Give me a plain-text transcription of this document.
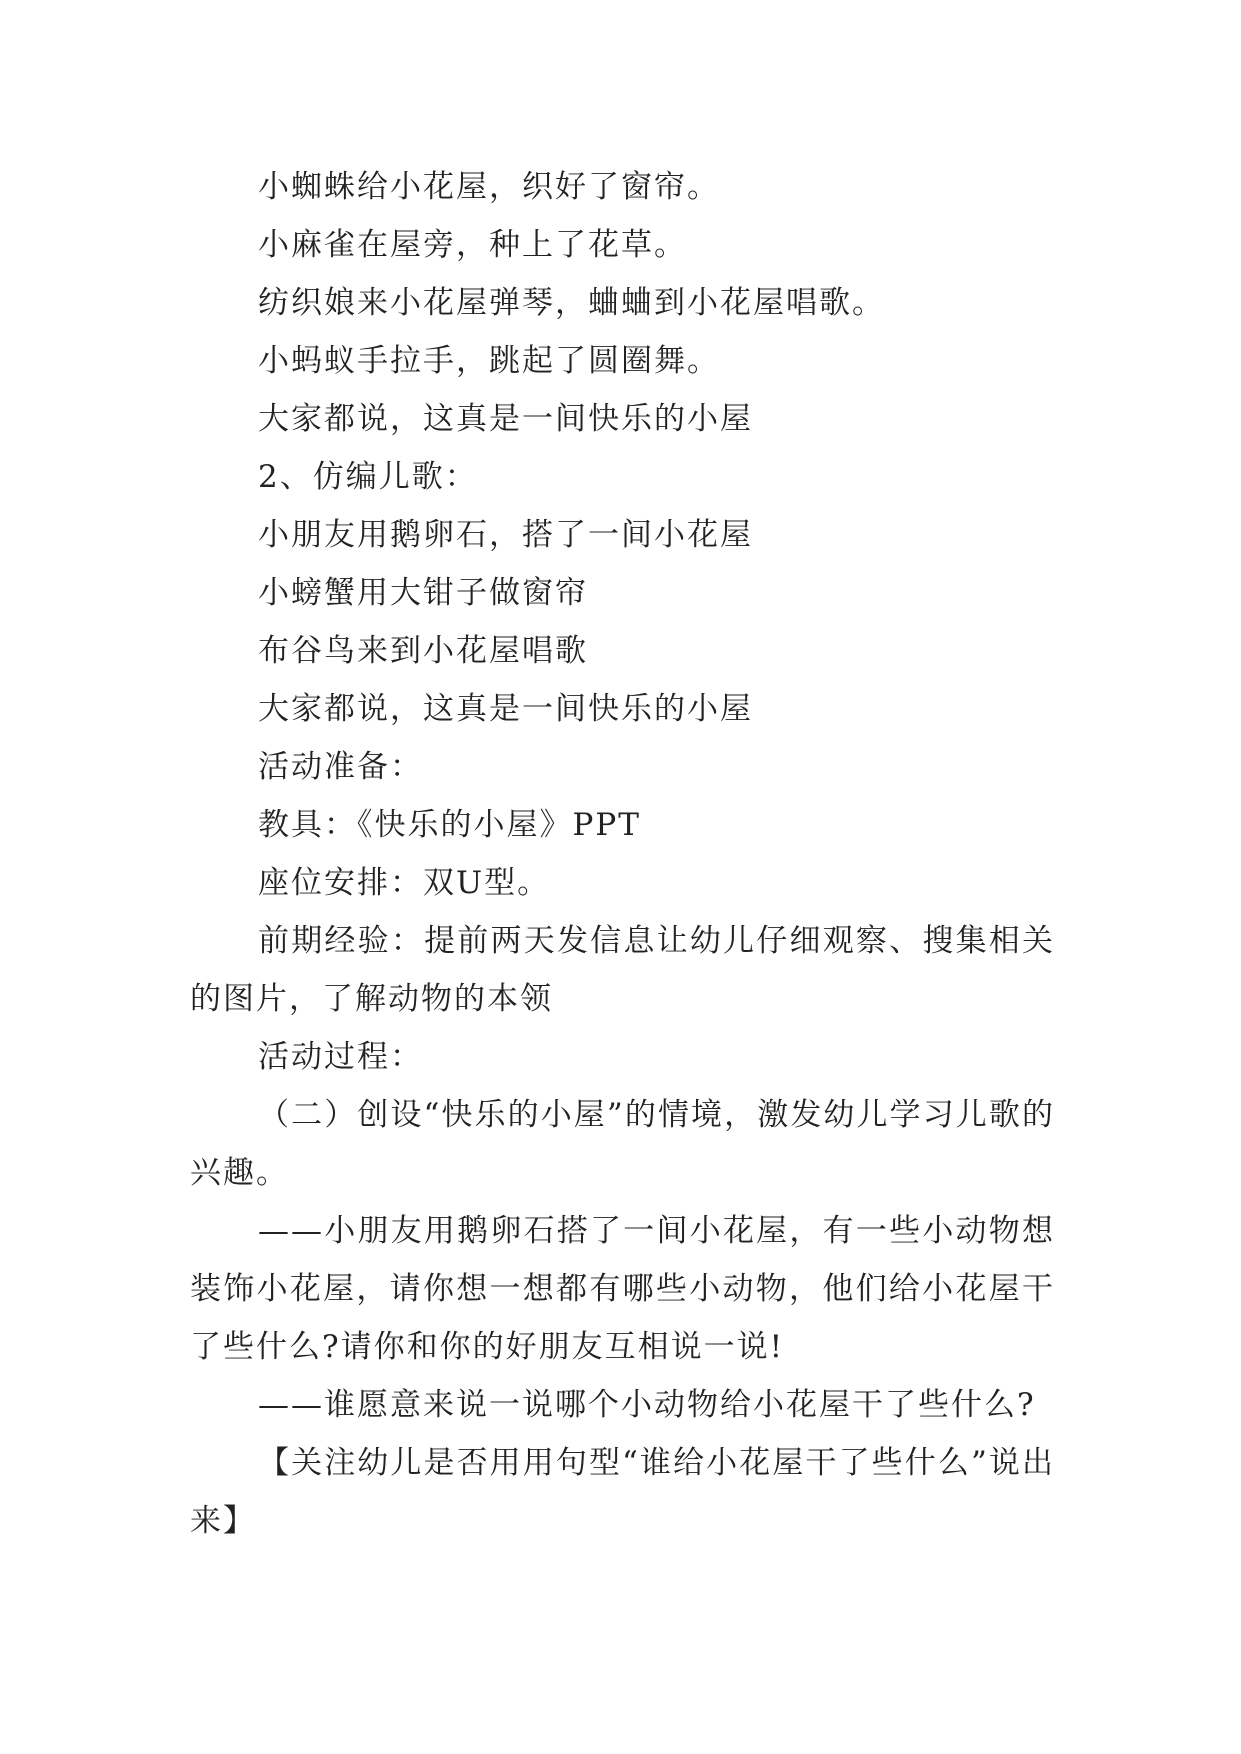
小蜘蛛给小花屋，织好了窗帘。

小麻雀在屋旁，种上了花草。

纺织娘来小花屋弹琴，蛐蛐到小花屋唱歌。

小蚂蚁手拉手，跳起了圆圈舞。

大家都说，这真是一间快乐的小屋

2、仿编儿歌：

小朋友用鹅卵石，搭了一间小花屋

小螃蟹用大钳子做窗帘

布谷鸟来到小花屋唱歌

大家都说，这真是一间快乐的小屋

活动准备：

教具：《快乐的小屋》PPT

座位安排：双U型。

前期经验：提前两天发信息让幼儿仔细观察、搜集相关的图片，了解动物的本领

活动过程：

（二）创设“快乐的小屋”的情境，激发幼儿学习儿歌的兴趣。

——小朋友用鹅卵石搭了一间小花屋，有一些小动物想装饰小花屋，请你想一想都有哪些小动物，他们给小花屋干了些什么?请你和你的好朋友互相说一说!

——谁愿意来说一说哪个小动物给小花屋干了些什么?

【关注幼儿是否用用句型“谁给小花屋干了些什么”说出来】
